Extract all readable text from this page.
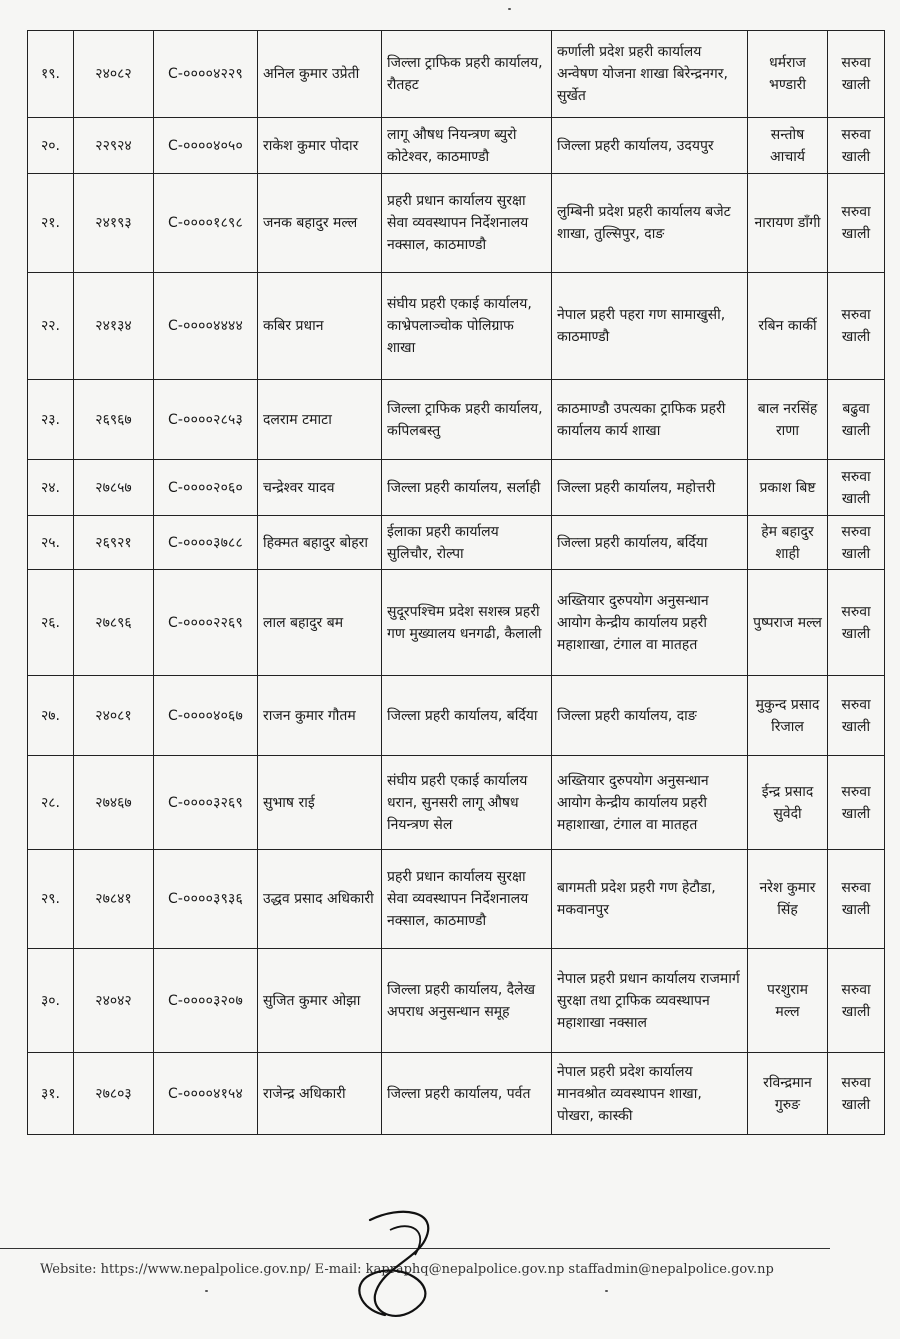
१९.	२४०८२	C-००००४२२९	अनिल कुमार उप्रेती	जिल्ला ट्राफिक प्रहरी कार्यालय, रौतहट	कर्णाली प्रदेश प्रहरी कार्यालय अन्वेषण योजना शाखा बिरेन्द्रनगर, सुर्खेत	धर्मराज भण्डारी	सरुवा खाली
२०.	२२९२४	C-००००४०५०	राकेश कुमार पोदार	लागू औषध नियन्त्रण ब्युरो कोटेश्वर, काठमाण्डौ	जिल्ला प्रहरी कार्यालय, उदयपुर	सन्तोष आचार्य	सरुवा खाली
२१.	२४१९३	C-००००१८९८	जनक बहादुर मल्ल	प्रहरी प्रधान कार्यालय सुरक्षा सेवा व्यवस्थापन निर्देशनालय नक्साल, काठमाण्डौ	लुम्बिनी प्रदेश प्रहरी कार्यालय बजेट शाखा, तुल्सिपुर, दाङ	नारायण डाँगी	सरुवा खाली
२२.	२४१३४	C-००००४४४४	कबिर प्रधान	संघीय प्रहरी एकाई कार्यालय, काभ्रेपलाञ्चोक पोलिग्राफ शाखा	नेपाल प्रहरी पहरा गण सामाखुसी, काठमाण्डौ	रबिन कार्की	सरुवा खाली
२३.	२६९६७	C-००००२८५३	दलराम टमाटा	जिल्ला ट्राफिक प्रहरी कार्यालय, कपिलबस्तु	काठमाण्डौ उपत्यका ट्राफिक प्रहरी कार्यालय कार्य शाखा	बाल नरसिंह राणा	बढुवा खाली
२४.	२७८५७	C-००००२०६०	चन्द्रेश्वर यादव	जिल्ला प्रहरी कार्यालय, सर्लाही	जिल्ला प्रहरी कार्यालय, महोत्तरी	प्रकाश बिष्ट	सरुवा खाली
२५.	२६९२१	C-००००३७८८	हिक्मत बहादुर बोहरा	ईलाका प्रहरी कार्यालय सुलिचौर, रोल्पा	जिल्ला प्रहरी कार्यालय, बर्दिया	हेम बहादुर शाही	सरुवा खाली
२६.	२७८९६	C-००००२२६९	लाल बहादुर बम	सुदूरपश्चिम प्रदेश सशस्त्र प्रहरी गण मुख्यालय धनगढी, कैलाली	अख्तियार दुरुपयोग अनुसन्धान आयोग केन्द्रीय कार्यालय प्रहरी महाशाखा, टंगाल वा मातहत	पुष्पराज मल्ल	सरुवा खाली
२७.	२४०८१	C-००००४०६७	राजन कुमार गौतम	जिल्ला प्रहरी कार्यालय, बर्दिया	जिल्ला प्रहरी कार्यालय, दाङ	मुकुन्द प्रसाद रिजाल	सरुवा खाली
२८.	२७४६७	C-००००३२६९	सुभाष राई	संघीय प्रहरी एकाई कार्यालय धरान, सुनसरी लागू औषध नियन्त्रण सेल	अख्तियार दुरुपयोग अनुसन्धान आयोग केन्द्रीय कार्यालय प्रहरी महाशाखा, टंगाल वा मातहत	ईन्द्र प्रसाद सुवेदी	सरुवा खाली
२९.	२७८४१	C-००००३९३६	उद्धव प्रसाद अधिकारी	प्रहरी प्रधान कार्यालय सुरक्षा सेवा व्यवस्थापन निर्देशनालय नक्साल, काठमाण्डौ	बागमती प्रदेश प्रहरी गण हेटौडा, मकवानपुर	नरेश कुमार सिंह	सरुवा खाली
३०.	२४०४२	C-००००३२०७	सुजित कुमार ओझा	जिल्ला प्रहरी कार्यालय, दैलेख अपराध अनुसन्धान समूह	नेपाल प्रहरी प्रधान कार्यालय राजमार्ग सुरक्षा तथा ट्राफिक व्यवस्थापन महाशाखा नक्साल	परशुराम मल्ल	सरुवा खाली
३१.	२७८०३	C-००००४१५४	राजेन्द्र अधिकारी	जिल्ला प्रहरी कार्यालय, पर्वत	नेपाल प्रहरी प्रदेश कार्यालय मानवश्रोत व्यवस्थापन शाखा, पोखरा, कास्की	रविन्द्रमान गुरुङ	सरुवा खाली
Website: https://www.nepalpolice.gov.np/ E-mail: kapraphq@nepalpolice.gov.np staffadmin@nepalpolice.gov.np
